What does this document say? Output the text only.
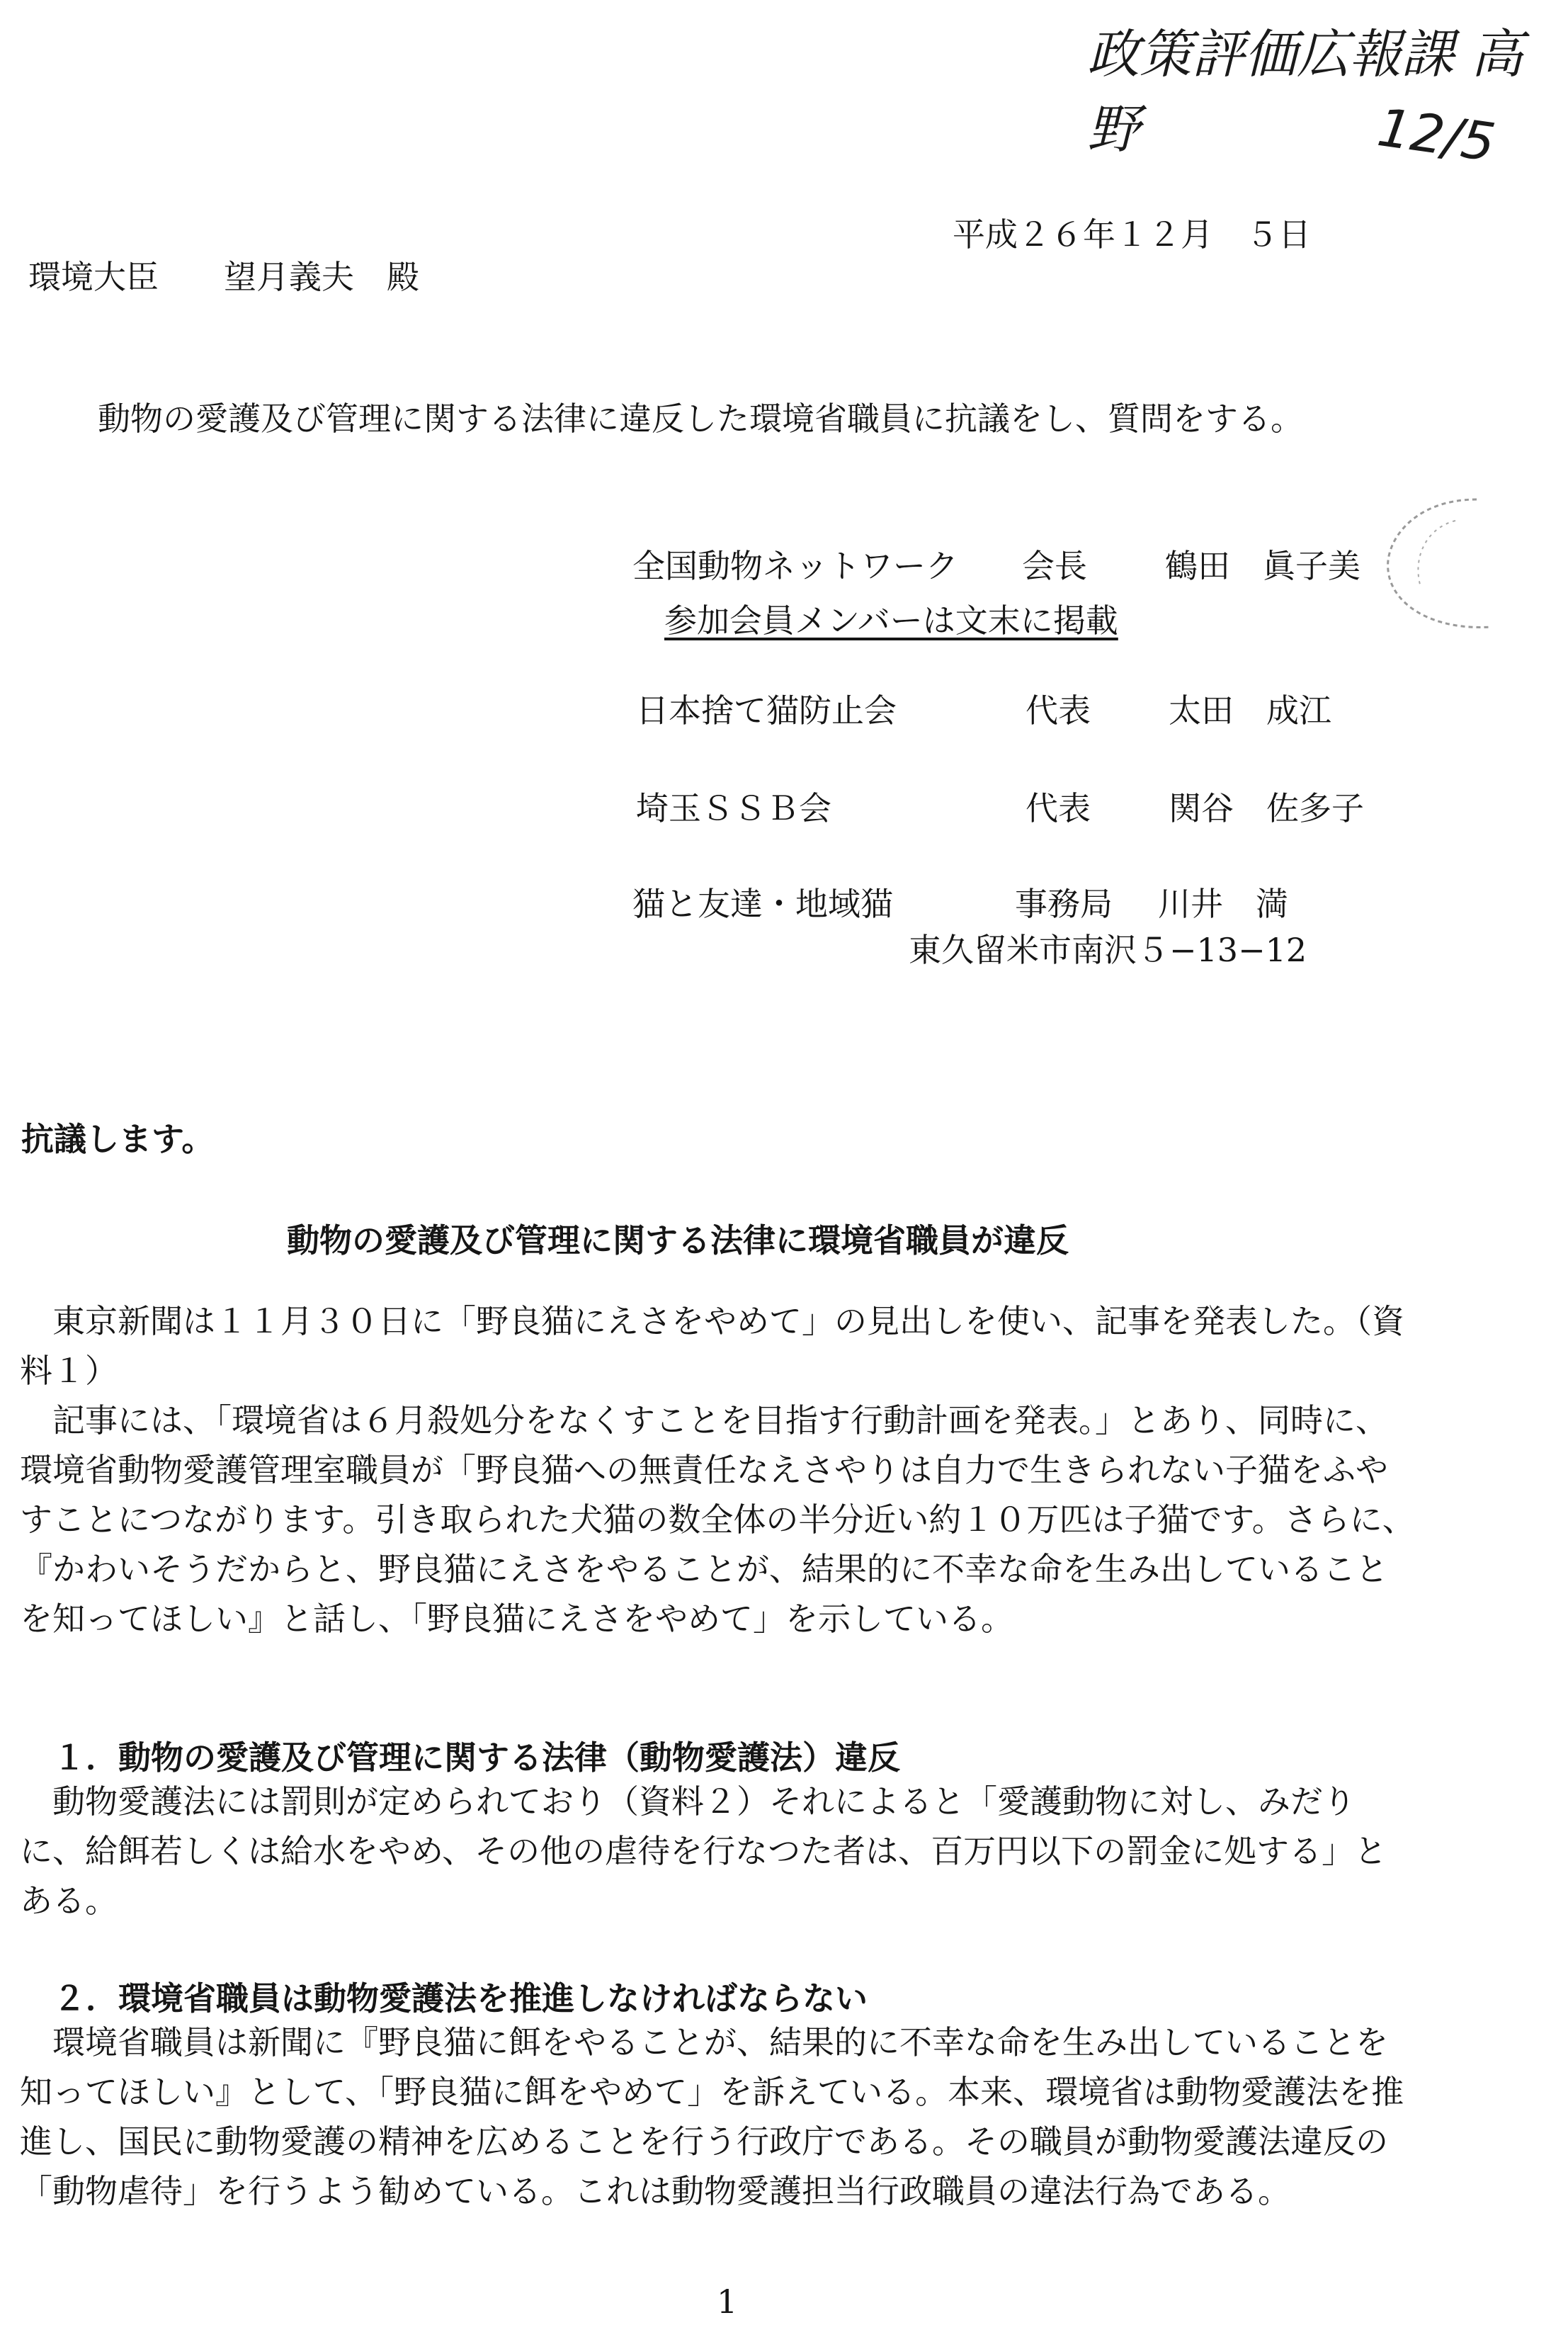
政策評価広報課 高野	12/5
平成２６年１２月　５日
環境大臣　　望月義夫　殿
動物の愛護及び管理に関する法律に違反した環境省職員に抗議をし、質問をする。
全国動物ネットワーク 会長 鶴田　眞子美
参加会員メンバーは文末に掲載
日本捨て猫防止会	代表 太田　成江
埼玉ＳＳＢ会	代表 関谷　佐多子
猫と友達・地域猫	事務局 川井　満
東久留米市南沢５−13−12
抗議します。
動物の愛護及び管理に関する法律に環境省職員が違反
　東京新聞は１１月３０日に「野良猫にえさをやめて」の見出しを使い、記事を発表した。（資料１）
　記事には、「環境省は６月殺処分をなくすことを目指す行動計画を発表。」とあり、同時に、環境省動物愛護管理室職員が「野良猫への無責任なえさやりは自力で生きられない子猫をふやすことにつながります。引き取られた犬猫の数全体の半分近い約１０万匹は子猫です。さらに、『かわいそうだからと、野良猫にえさをやることが、結果的に不幸な命を生み出していることを知ってほしい』と話し、「野良猫にえさをやめて」を示している。
１．動物の愛護及び管理に関する法律（動物愛護法）違反
　動物愛護法には罰則が定められており（資料２）それによると「愛護動物に対し、みだりに、給餌若しくは給水をやめ、その他の虐待を行なつた者は、百万円以下の罰金に処する」とある。
２．環境省職員は動物愛護法を推進しなければならない
　環境省職員は新聞に『野良猫に餌をやることが、結果的に不幸な命を生み出していることを知ってほしい』として、「野良猫に餌をやめて」を訴えている。本来、環境省は動物愛護法を推進し、国民に動物愛護の精神を広めることを行う行政庁である。その職員が動物愛護法違反の「動物虐待」を行うよう勧めている。これは動物愛護担当行政職員の違法行為である。
1
